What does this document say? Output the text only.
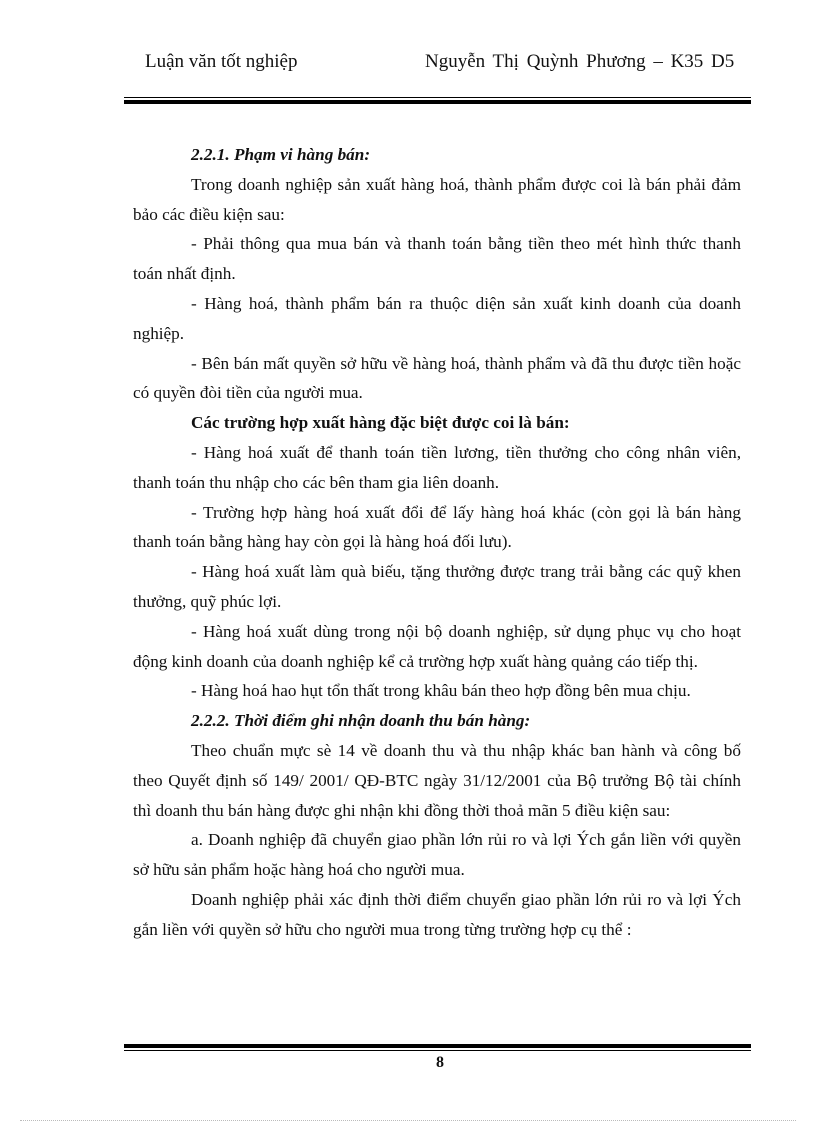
Luận văn tốt nghiệp	Nguyễn Thị Quỳnh Phương – K35 D5

2.2.1. Phạm vi hàng bán:

Trong doanh nghiệp sản xuất hàng hoá, thành phẩm được coi là bán phải đảm bảo các điều kiện sau:

- Phải thông qua mua bán và thanh toán bằng tiền theo mét hình thức thanh toán nhất định.

- Hàng hoá, thành phẩm bán ra thuộc diện sản xuất kinh doanh của doanh nghiệp.

- Bên bán mất quyền sở hữu về hàng hoá, thành phẩm và đã thu được tiền hoặc có quyền đòi tiền của người mua.

Các trường hợp xuất hàng đặc biệt được coi là bán:

- Hàng hoá xuất để thanh toán tiền lương, tiền thưởng cho công nhân viên, thanh toán thu nhập cho các bên tham gia liên doanh.

- Trường hợp hàng hoá xuất đổi để lấy hàng hoá khác (còn gọi là bán hàng thanh toán bằng hàng hay còn gọi là hàng hoá đối lưu).

- Hàng hoá xuất làm quà biếu, tặng thưởng được trang trải bằng các quỹ khen thưởng, quỹ phúc lợi.

- Hàng hoá xuất dùng trong nội bộ doanh nghiệp, sử dụng phục vụ cho hoạt động kinh doanh của doanh nghiệp kể cả trường hợp xuất hàng quảng cáo tiếp thị.

- Hàng hoá hao hụt tổn thất trong khâu bán theo hợp đồng bên mua chịu.

2.2.2. Thời điểm ghi nhận doanh thu bán hàng:

Theo chuẩn mực sè 14 về doanh thu và thu nhập khác ban hành và công bố theo Quyết định số 149/ 2001/ QĐ-BTC ngày 31/12/2001 của Bộ trưởng Bộ tài chính thì doanh thu bán hàng được ghi nhận khi đồng thời thoả mãn 5 điều kiện sau:

a. Doanh nghiệp đã chuyển giao phần lớn rủi ro và lợi Ých gắn liền với quyền sở hữu sản phẩm hoặc hàng hoá cho người mua.

Doanh nghiệp phải xác định thời điểm chuyển giao phần lớn rủi ro và lợi Ých gắn liền với quyền sở hữu cho người mua trong từng trường hợp cụ thể :

8
